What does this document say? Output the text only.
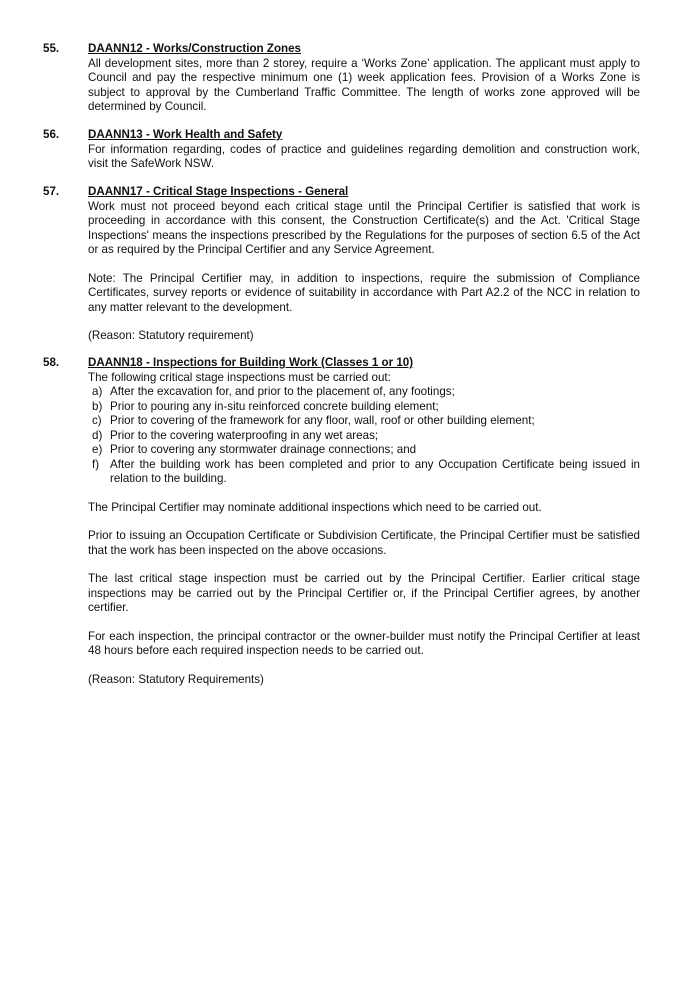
55.	DAANN12 - Works/Construction Zones

All development sites, more than 2 storey, require a ‘Works Zone’ application. The applicant must apply to Council and pay the respective minimum one (1) week application fees. Provision of a Works Zone is subject to approval by the Cumberland Traffic Committee. The length of works zone approved will be determined by Council.

56.	DAANN13 - Work Health and Safety

For information regarding, codes of practice and guidelines regarding demolition and construction work, visit the SafeWork NSW.

57.	DAANN17 - Critical Stage Inspections - General

Work must not proceed beyond each critical stage until the Principal Certifier is satisfied that work is proceeding in accordance with this consent, the Construction Certificate(s) and the Act. 'Critical Stage Inspections' means the inspections prescribed by the Regulations for the purposes of section 6.5 of the Act or as required by the Principal Certifier and any Service Agreement.

Note: The Principal Certifier may, in addition to inspections, require the submission of Compliance Certificates, survey reports or evidence of suitability in accordance with Part A2.2 of the NCC in relation to any matter relevant to the development.

(Reason: Statutory requirement)

58.	DAANN18 - Inspections for Building Work (Classes 1 or 10)

The following critical stage inspections must be carried out:

a) After the excavation for, and prior to the placement of, any footings;
b) Prior to pouring any in-situ reinforced concrete building element;
c) Prior to covering of the framework for any floor, wall, roof or other building element;
d) Prior to the covering waterproofing in any wet areas;
e) Prior to covering any stormwater drainage connections; and
f) After the building work has been completed and prior to any Occupation Certificate being issued in relation to the building.

The Principal Certifier may nominate additional inspections which need to be carried out.

Prior to issuing an Occupation Certificate or Subdivision Certificate, the Principal Certifier must be satisfied that the work has been inspected on the above occasions.

The last critical stage inspection must be carried out by the Principal Certifier. Earlier critical stage inspections may be carried out by the Principal Certifier or, if the Principal Certifier agrees, by another certifier.

For each inspection, the principal contractor or the owner-builder must notify the Principal Certifier at least 48 hours before each required inspection needs to be carried out.

(Reason: Statutory Requirements)
